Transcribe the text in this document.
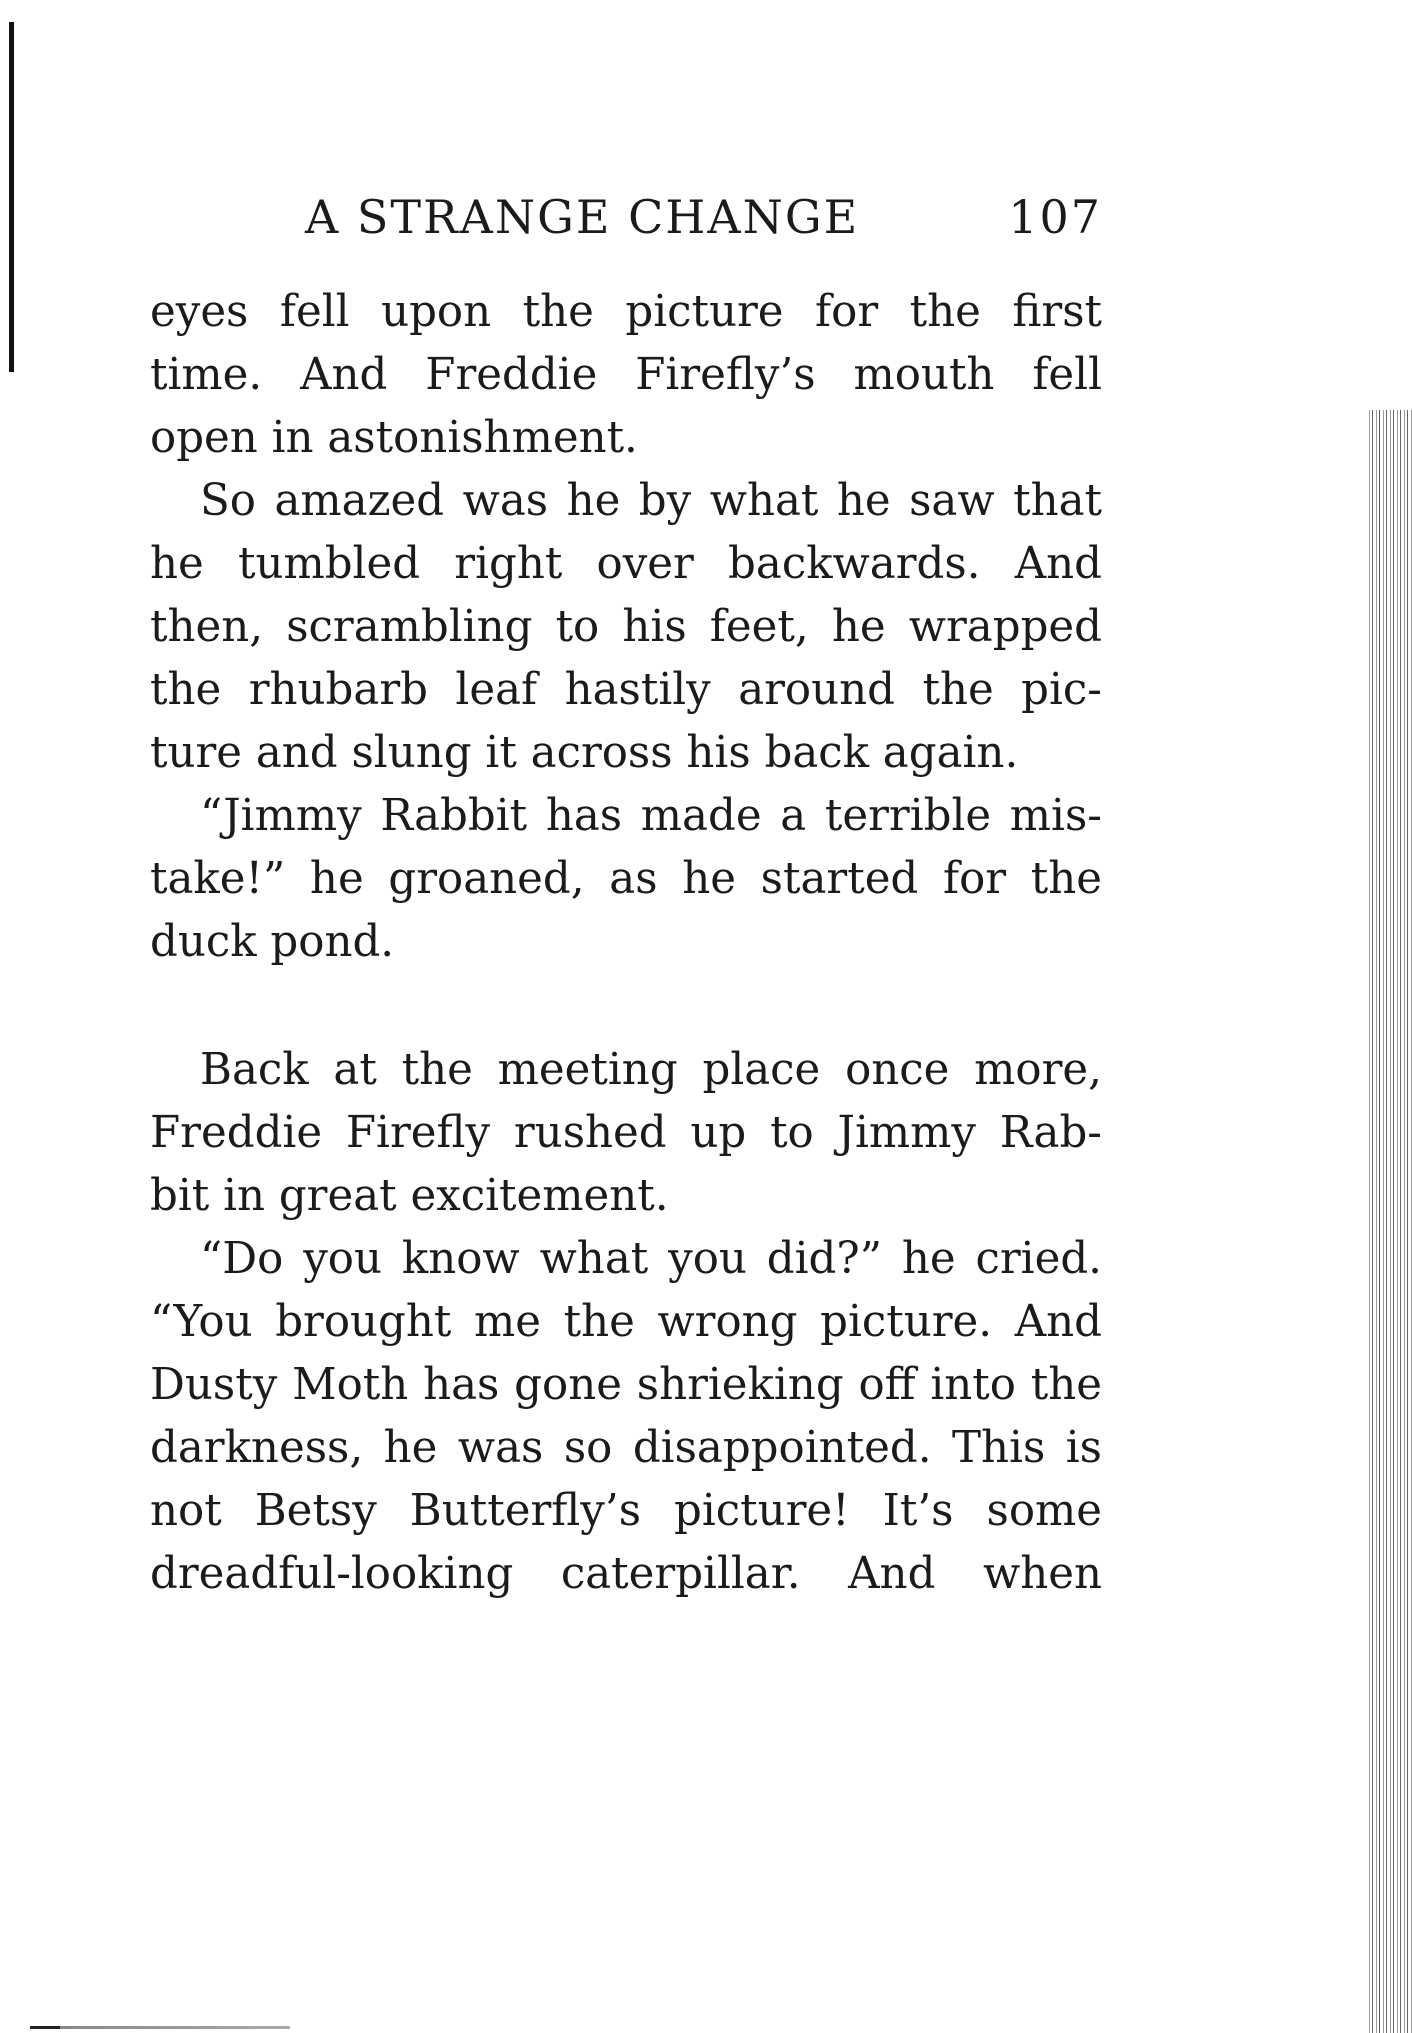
A STRANGE CHANGE	107
eyes fell upon the picture for the first
time. And Freddie Firefly’s mouth fell
open in astonishment.
So amazed was he by what he saw that
he tumbled right over backwards. And
then, scrambling to his feet, he wrapped
the rhubarb leaf hastily around the pic-
ture and slung it across his back again.
“Jimmy Rabbit has made a terrible mis-
take!” he groaned, as he started for the
duck pond.
Back at the meeting place once more,
Freddie Firefly rushed up to Jimmy Rab-
bit in great excitement.
“Do you know what you did?” he cried.
“You brought me the wrong picture. And
Dusty Moth has gone shrieking off into the
darkness, he was so disappointed. This is
not Betsy Butterfly’s picture! It’s some
dreadful-looking caterpillar. And when
